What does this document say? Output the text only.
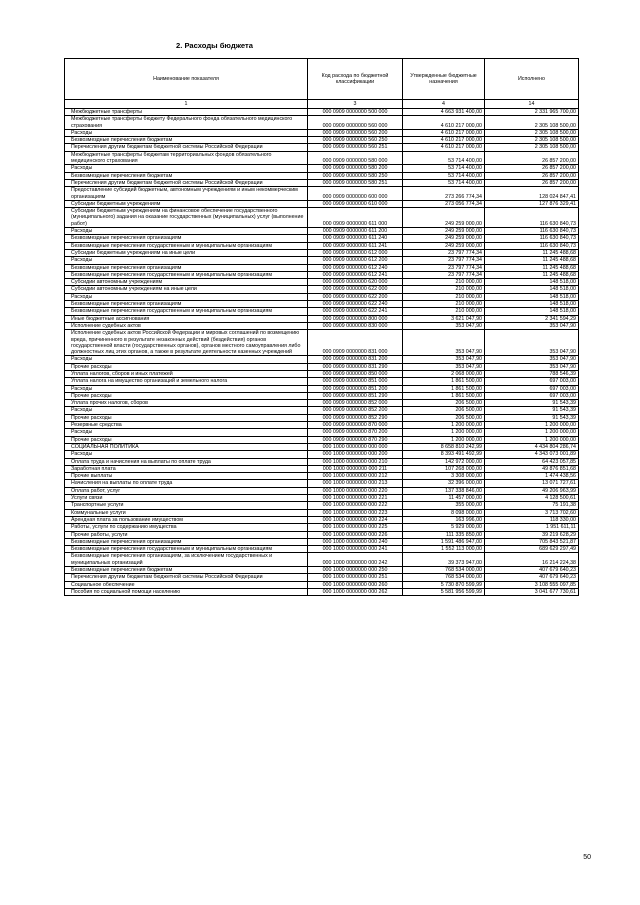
2. Расходы бюджета
Наименование показателя	Код расхода по бюджетной классификации	Утвержденные бюджетные назначения	Исполнено
1	3	4	14
Межбюджетные трансферты	000 0909 0000000 500 000	4 663 931 400,00	2 331 965 700,00
Межбюджетные трансферты бюджету Федерального фонда обязательного медицинского страхования	000 0909 0000000 560 000	4 610 217 000,00	2 305 108 500,00
Расходы	000 0909 0000000 560 200	4 610 217 000,00	2 305 108 500,00
Безвозмездные перечисления бюджетам	000 0909 0000000 560 250	4 610 217 000,00	2 305 108 500,00
Перечисления другим бюджетам бюджетной системы Российской Федерации	000 0909 0000000 560 251	4 610 217 000,00	2 305 108 500,00
Межбюджетные трансферты бюджетам территориальных фондов обязательного медицинского страхования	000 0909 0000000 580 000	53 714 400,00	26 857 200,00
Расходы	000 0909 0000000 580 200	53 714 400,00	26 857 200,00
Безвозмездные перечисления бюджетам	000 0909 0000000 580 250	53 714 400,00	26 857 200,00
Перечисления другим бюджетам бюджетной системы Российской Федерации	000 0909 0000000 580 251	53 714 400,00	26 857 200,00
Предоставление субсидий бюджетным, автономным учреждениям и иным некоммерческим организациям	000 0909 0000000 600 000	273 266 774,34	128 024 847,41
Субсидии бюджетным учреждениям	000 0909 0000000 610 000	273 056 774,34	127 876 329,41
Субсидии бюджетным учреждениям на финансовое обеспечение государственного (муниципального) задания на оказание государственных (муниципальных) услуг (выполнение работ)	000 0909 0000000 611 000	249 259 000,00	116 630 840,73
Расходы	000 0909 0000000 611 200	249 259 000,00	116 630 840,73
Безвозмездные перечисления организациям	000 0909 0000000 611 240	249 259 000,00	116 630 840,73
Безвозмездные перечисления государственным и муниципальным организациям	000 0909 0000000 611 241	249 259 000,00	116 630 840,73
Субсидии бюджетным учреждениям на иные цели	000 0909 0000000 612 000	23 797 774,34	11 245 488,68
Расходы	000 0909 0000000 612 200	23 797 774,34	11 245 488,68
Безвозмездные перечисления организациям	000 0909 0000000 612 240	23 797 774,34	11 245 488,68
Безвозмездные перечисления государственным и муниципальным организациям	000 0909 0000000 612 241	23 797 774,34	11 245 488,68
Субсидии автономным учреждениям	000 0909 0000000 620 000	210 000,00	148 518,00
Субсидии автономным учреждениям на иные цели	000 0909 0000000 622 000	210 000,00	148 518,00
Расходы	000 0909 0000000 622 200	210 000,00	148 518,00
Безвозмездные перечисления организациям	000 0909 0000000 622 240	210 000,00	148 518,00
Безвозмездные перечисления государственным и муниципальным организациям	000 0909 0000000 622 241	210 000,00	148 518,00
Иные бюджетные ассигнования	000 0909 0000000 800 000	3 621 047,90	2 341 594,29
Исполнение судебных актов	000 0909 0000000 830 000	353 047,90	353 047,90
Исполнение судебных актов Российской Федерации и мировых соглашений по возмещению вреда, причиненного в результате незаконных действий (бездействия) органов государственной власти (государственных органов), органов местного самоуправления либо должностных лиц этих органов, а также в результате деятельности казенных учреждений	000 0909 0000000 831 000	353 047,90	353 047,90
Расходы	000 0909 0000000 831 200	353 047,90	353 047,90
Прочие расходы	000 0909 0000000 831 290	353 047,90	353 047,90
Уплата налогов, сборов и иных платежей	000 0909 0000000 850 000	2 068 000,00	788 546,39
Уплата налога на имущество организаций и земельного налога	000 0909 0000000 851 000	1 861 500,00	697 003,00
Расходы	000 0909 0000000 851 200	1 861 500,00	697 003,00
Прочие расходы	000 0909 0000000 851 290	1 861 500,00	697 003,00
Уплата прочих налогов, сборов	000 0909 0000000 852 000	206 500,00	91 543,39
Расходы	000 0909 0000000 852 200	206 500,00	91 543,39
Прочие расходы	000 0909 0000000 852 290	206 500,00	91 543,39
Резервные средства	000 0909 0000000 870 000	1 200 000,00	1 200 000,00
Расходы	000 0909 0000000 870 200	1 200 000,00	1 200 000,00
Прочие расходы	000 0909 0000000 870 290	1 200 000,00	1 200 000,00
СОЦИАЛЬНАЯ ПОЛИТИКА	000 1000 0000000 000 000	8 658 810 242,99	4 434 804 286,74
Расходы	000 1000 0000000 000 200	8 393 491 492,99	4 343 073 001,89
Оплата труда и начисления на выплаты по оплате труда	000 1000 0000000 000 210	142 972 000,00	64 423 057,85
Заработная плата	000 1000 0000000 000 211	107 268 000,00	49 876 851,68
Прочие выплаты	000 1000 0000000 000 212	3 308 000,00	1 474 438,56
Начисления на выплаты по оплате труда	000 1000 0000000 000 213	32 396 000,00	13 071 727,61
Оплата работ, услуг	000 1000 0000000 000 220	137 338 846,00	49 206 963,99
Услуги связи	000 1000 0000000 000 221	11 457 000,00	4 128 500,61
Транспортные услуги	000 1000 0000000 000 222	355 000,00	75 191,38
Коммунальные услуги	000 1000 0000000 000 223	8 098 000,00	3 713 702,60
Арендная плата за пользование имуществом	000 1000 0000000 000 224	163 996,00	118 330,00
Работы, услуги по содержанию имущества	000 1000 0000000 000 225	5 929 000,00	1 951 611,11
Прочие работы, услуги	000 1000 0000000 000 226	111 335 850,00	39 219 628,29
Безвозмездные перечисления организациям	000 1000 0000000 000 240	1 591 486 947,00	705 843 521,87
Безвозмездные перечисления государственным и муниципальным организациям	000 1000 0000000 000 241	1 552 113 000,00	689 629 297,49
Безвозмездные перечисления организациям, за исключением государственных и муниципальных организаций	000 1000 0000000 000 242	39 373 947,00	16 214 224,38
Безвозмездные перечисления бюджетам	000 1000 0000000 000 250	768 534 000,00	407 679 640,23
Перечисления другим бюджетам бюджетной системы Российской Федерации	000 1000 0000000 000 251	768 534 000,00	407 679 640,23
Социальное обеспечение	000 1000 0000000 000 260	5 730 870 599,99	3 108 555 097,85
Пособия по социальной помощи населению	000 1000 0000000 000 262	5 581 956 599,99	3 041 677 730,61
50
